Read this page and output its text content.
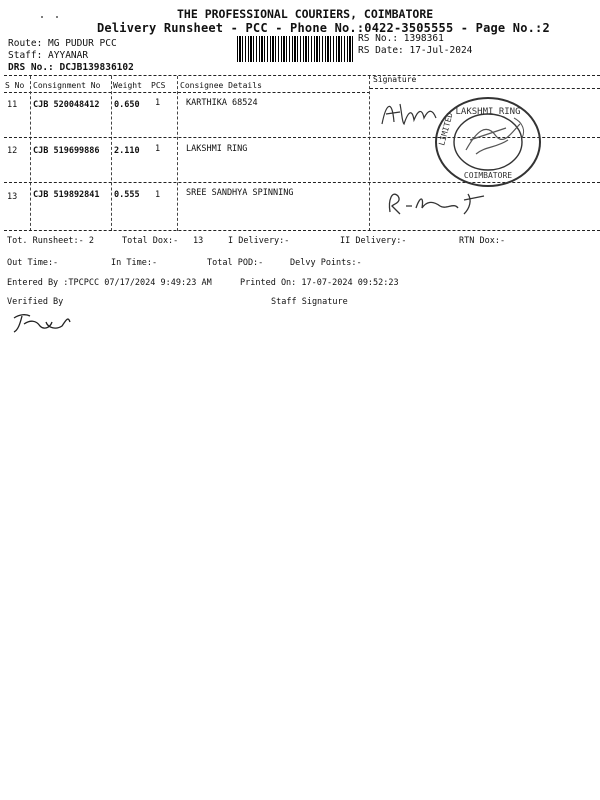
THE PROFESSIONAL COURIERS, COIMBATORE
Delivery Runsheet - PCC - Phone No.:0422-3505555 - Page No.:2
Route: MG PUDUR PCC
Staff: AYYANAR
DRS No.: DCJB139836102
RS No.: 1398361
RS Date: 17-Jul-2024
S No Consignment No Weight PCS Consignee Details
Signature
11 CJB 520048412 0.650 1	KARTHIKA 68524
12 CJB 519699886 2.110 1	LAKSHMI RING
13 CJB 519892841 0.555 1	SREE SANDHYA SPINNING
LAKSHMI RING
COIMBATORE
LIMITED
Tot. Runsheet:- 2	Total Dox:- 13	I Delivery:-	II Delivery:-	RTN Dox:-
Out Time:-	In Time:-	Total POD:-	Delvy Points:-
Entered By :TPCPCC 07/17/2024 9:49:23 AM	Printed On: 17-07-2024 09:52:23
Verified By	Staff Signature
